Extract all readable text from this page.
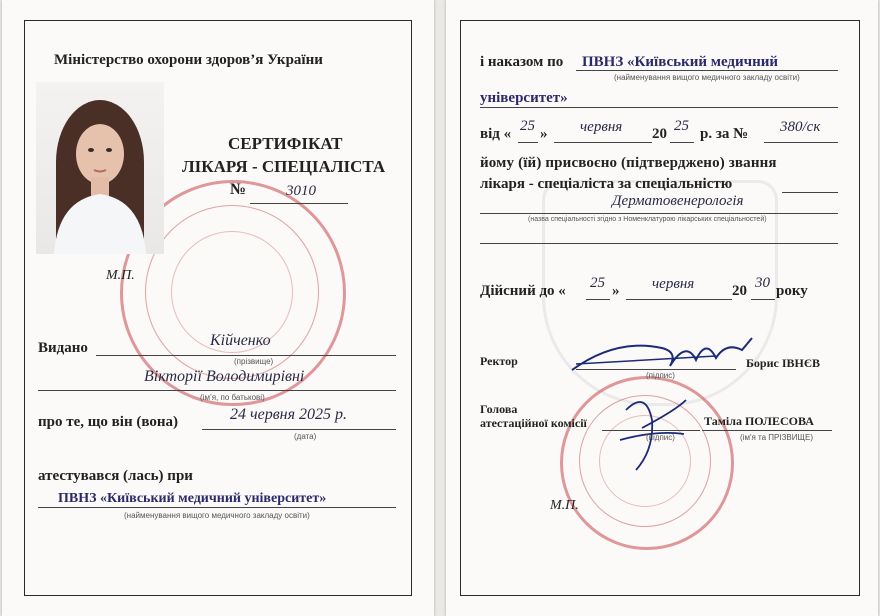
Міністерство охорони здоров’я України
СЕРТИФІКАТ
ЛІКАРЯ - СПЕЦІАЛІСТА
№	3010
М.П.
Видано	Кійченко
(прізвище)
Вікторії Володимирівні
(ім’я, по батькові)
про те, що він (вона)	24 червня 2025 р.
(дата)
атестувався (лась) при
ПВНЗ «Київський медичний університет»
(найменування вищого медичного закладу освіти)
і наказом по ПВНЗ «Київський медичний
(найменування вищого медичного закладу освіти)
університет»
від « 25 » червня 20 25 р. за № 380/ск
йому (їй) присвоєно (підтверджено) звання
лікаря - спеціаліста за спеціальністю
Дерматовенерологія
(назва спеціальності згідно з Номенклатурою лікарських спеціальностей)
Дійсний до « 25 » червня	20 30 року
Ректор
(підпис)
Борис ІВНЄВ
Голова
атестаційної комісії
(підпис)
Таміла ПОЛЕСОВА
(ім'я та ПРІЗВИЩЕ)
М.П.
